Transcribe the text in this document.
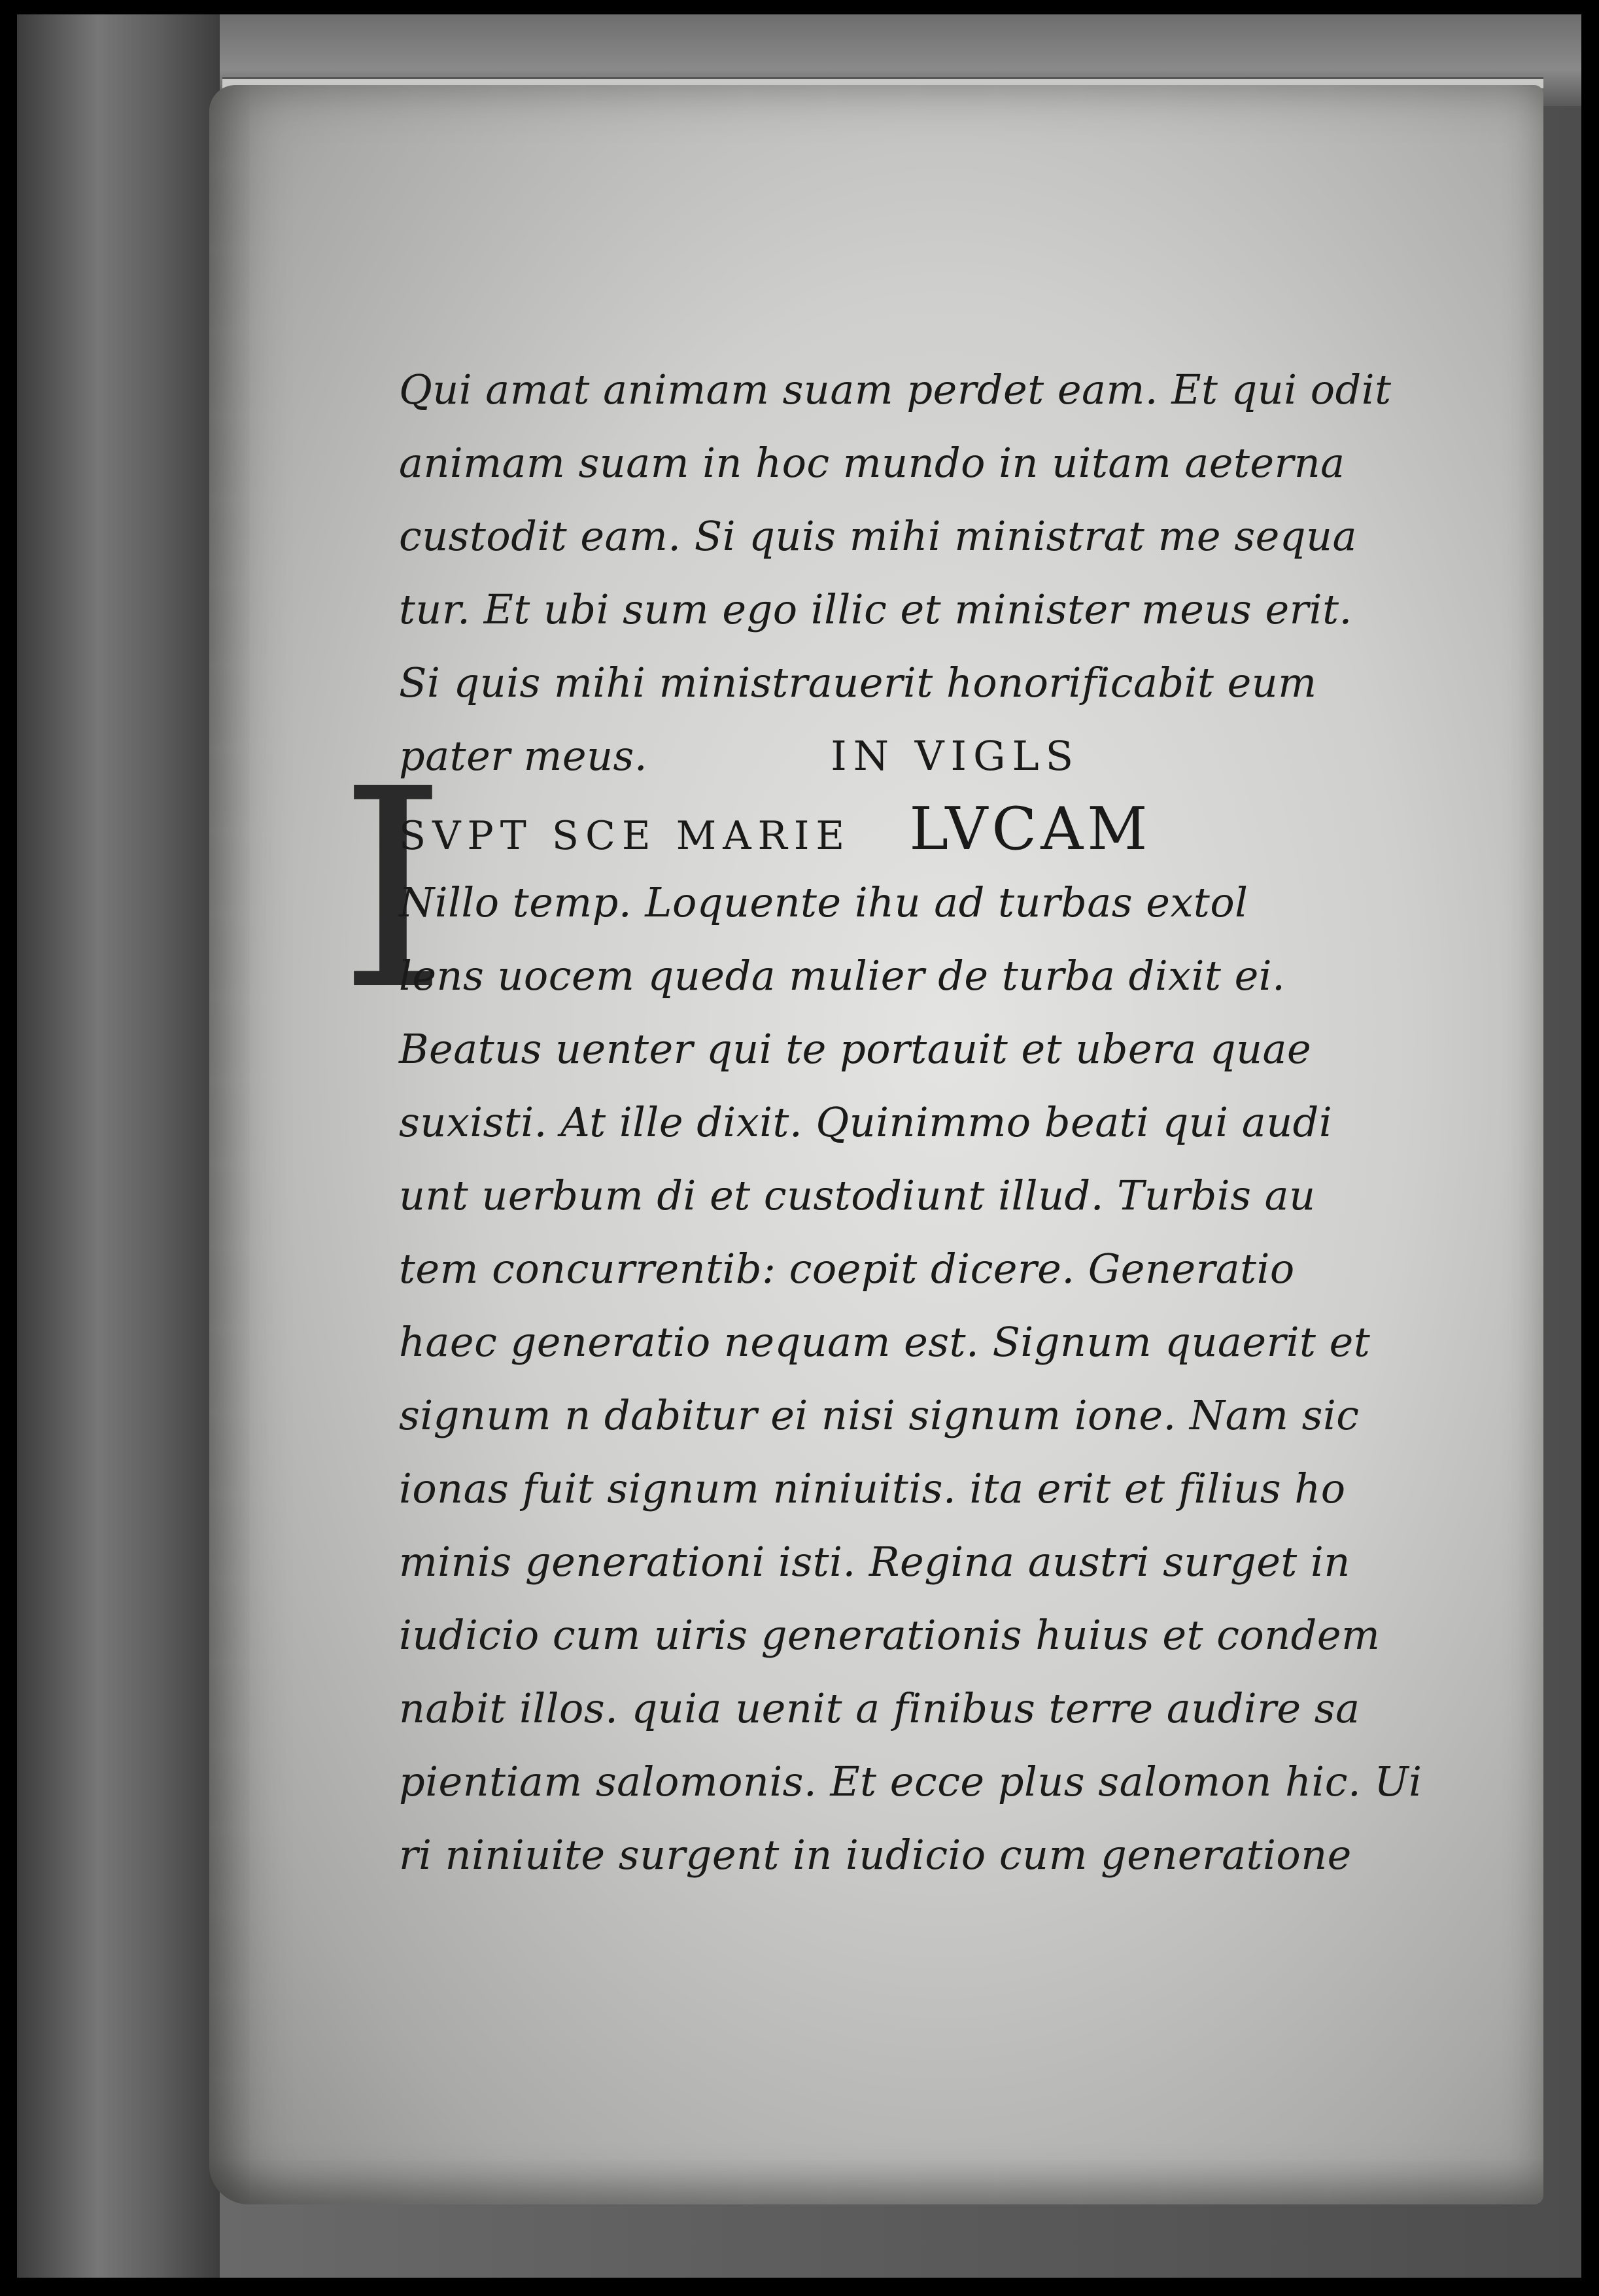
I
Qui amat animam suam perdet eam. Et qui odit
animam suam in hoc mundo in uitam aeterna
custodit eam. Si quis mihi ministrat me sequa
tur. Et ubi sum ego illic et minister meus erit.
Si quis mihi ministrauerit honorificabit eum
pater meus.	IN VIGLS
SVPT SCE MARIE LVCAM
Nillo temp. Loquente ihu ad turbas extol
lens uocem queda mulier de turba dixit ei.
Beatus uenter qui te portauit et ubera quae
suxisti. At ille dixit. Quinimmo beati qui audi
unt uerbum di et custodiunt illud. Turbis au
tem concurrentib: coepit dicere. Generatio
haec generatio nequam est. Signum quaerit et
signum n dabitur ei nisi signum ione. Nam sic
ionas fuit signum niniuitis. ita erit et filius ho
minis generationi isti. Regina austri surget in
iudicio cum uiris generationis huius et condem
nabit illos. quia uenit a finibus terre audire sa
pientiam salomonis. Et ecce plus salomon hic. Ui
ri niniuite surgent in iudicio cum generatione
